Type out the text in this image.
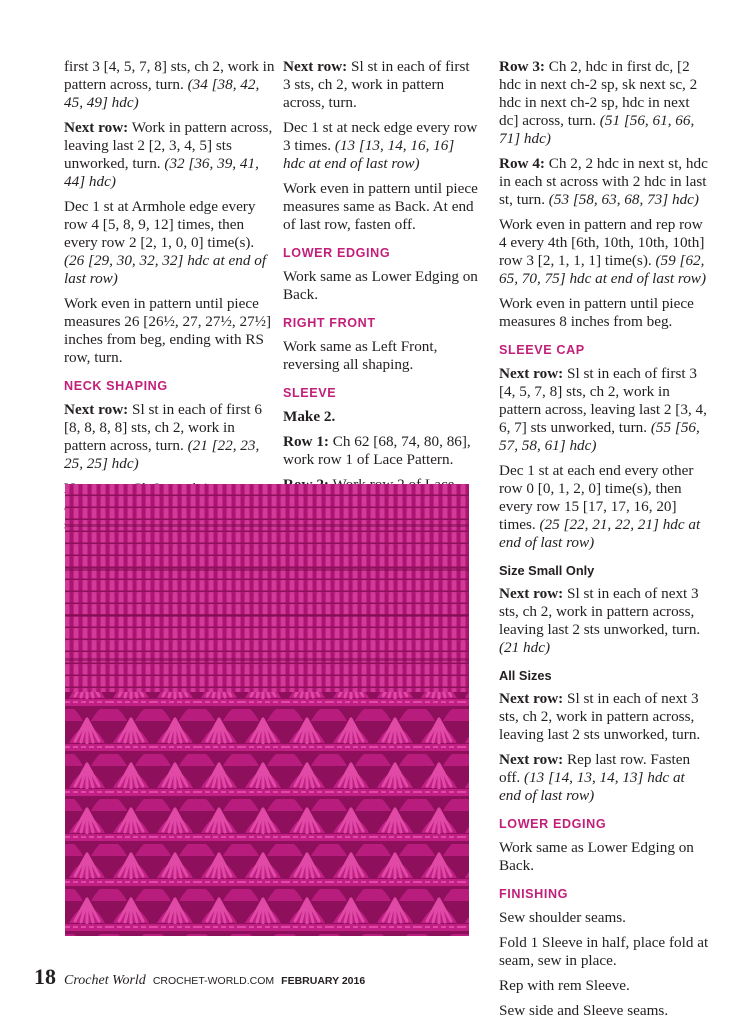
first 3 [4, 5, 7, 8] sts, ch 2, work in pattern across, turn. (34 [38, 42, 45, 49] hdc)

Next row: Work in pattern across, leaving last 2 [2, 3, 4, 5] sts unworked, turn. (32 [36, 39, 41, 44] hdc)

Dec 1 st at Armhole edge every row 4 [5, 8, 9, 12] times, then every row 2 [2, 1, 0, 0] time(s). (26 [29, 30, 32, 32] hdc at end of last row)

Work even in pattern until piece measures 26 [26½, 27, 27½, 27½] inches from beg, ending with RS row, turn.

NECK SHAPING

Next row: Sl st in each of first 6 [8, 8, 8, 8] sts, ch 2, work in pattern across, turn. (21 [22, 23, 25, 25] hdc)

Next row: Sl st in each of first 3 sts, ch 2, work in pattern across, turn.

Dec 1 st at neck edge every row 3 times. (13 [13, 14, 16, 16] hdc at end of last row)

Work even in pattern until piece measures same as Back. At end of last row, fasten off.

LOWER EDGING

Work same as Lower Edging on Back.

RIGHT FRONT

Work same as Left Front, reversing all shaping.

SLEEVE

Make 2.

Row 1: Ch 62 [68, 74, 80, 86], work row 1 of Lace Pattern.

Row 3: Ch 2, hdc in first dc, [2 hdc in next ch-2 sp, sk next sc, 2 hdc in next ch-2 sp, hdc in next dc] across, turn. (51 [56, 61, 66, 71] hdc)

Row 4: Ch 2, 2 hdc in next st, hdc in each st across with 2 hdc in last st, turn. (53 [58, 63, 68, 73] hdc)

Work even in pattern and rep row 4 every 4th [6th, 10th, 10th, 10th] row 3 [2, 1, 1, 1] time(s). (59 [62, 65, 70, 75] hdc at end of last row)

Work even in pattern until piece measures 8 inches from beg.

SLEEVE CAP

Next row: Sl st in each of first 3 [4, 5, 7, 8] sts, ch 2, work in pattern across, leaving last 2 [3, 4, 6, 7] sts unworked, turn. (55 [56, 57, 58, 61] hdc)

Dec 1 st at each end every other row 0 [0, 1, 2, 0] time(s), then every row 15 [17, 17, 16, 20] times. (25 [22, 21, 22, 21] hdc at end of last row)

Size Small Only

Next row: Sl st in each of next 3 sts, ch 2, work in pattern across, leaving last 2 sts unworked, turn. (21 hdc)

All Sizes

Next row: Sl st in each of next 3 sts, ch 2, work in pattern across, leaving last 2 sts unworked, turn.

Next row: Rep last row. Fasten off. (13 [14, 13, 14, 13] hdc at end of last row)

LOWER EDGING

Work same as Lower Edging on Back.

FINISHING

Sew shoulder seams.

Fold 1 Sleeve in half, place fold at seam, sew in place.

Rep with rem Sleeve.

Sew side and Sleeve seams.

18 Crochet World CROCHET-WORLD.COM FEBRUARY 2016
